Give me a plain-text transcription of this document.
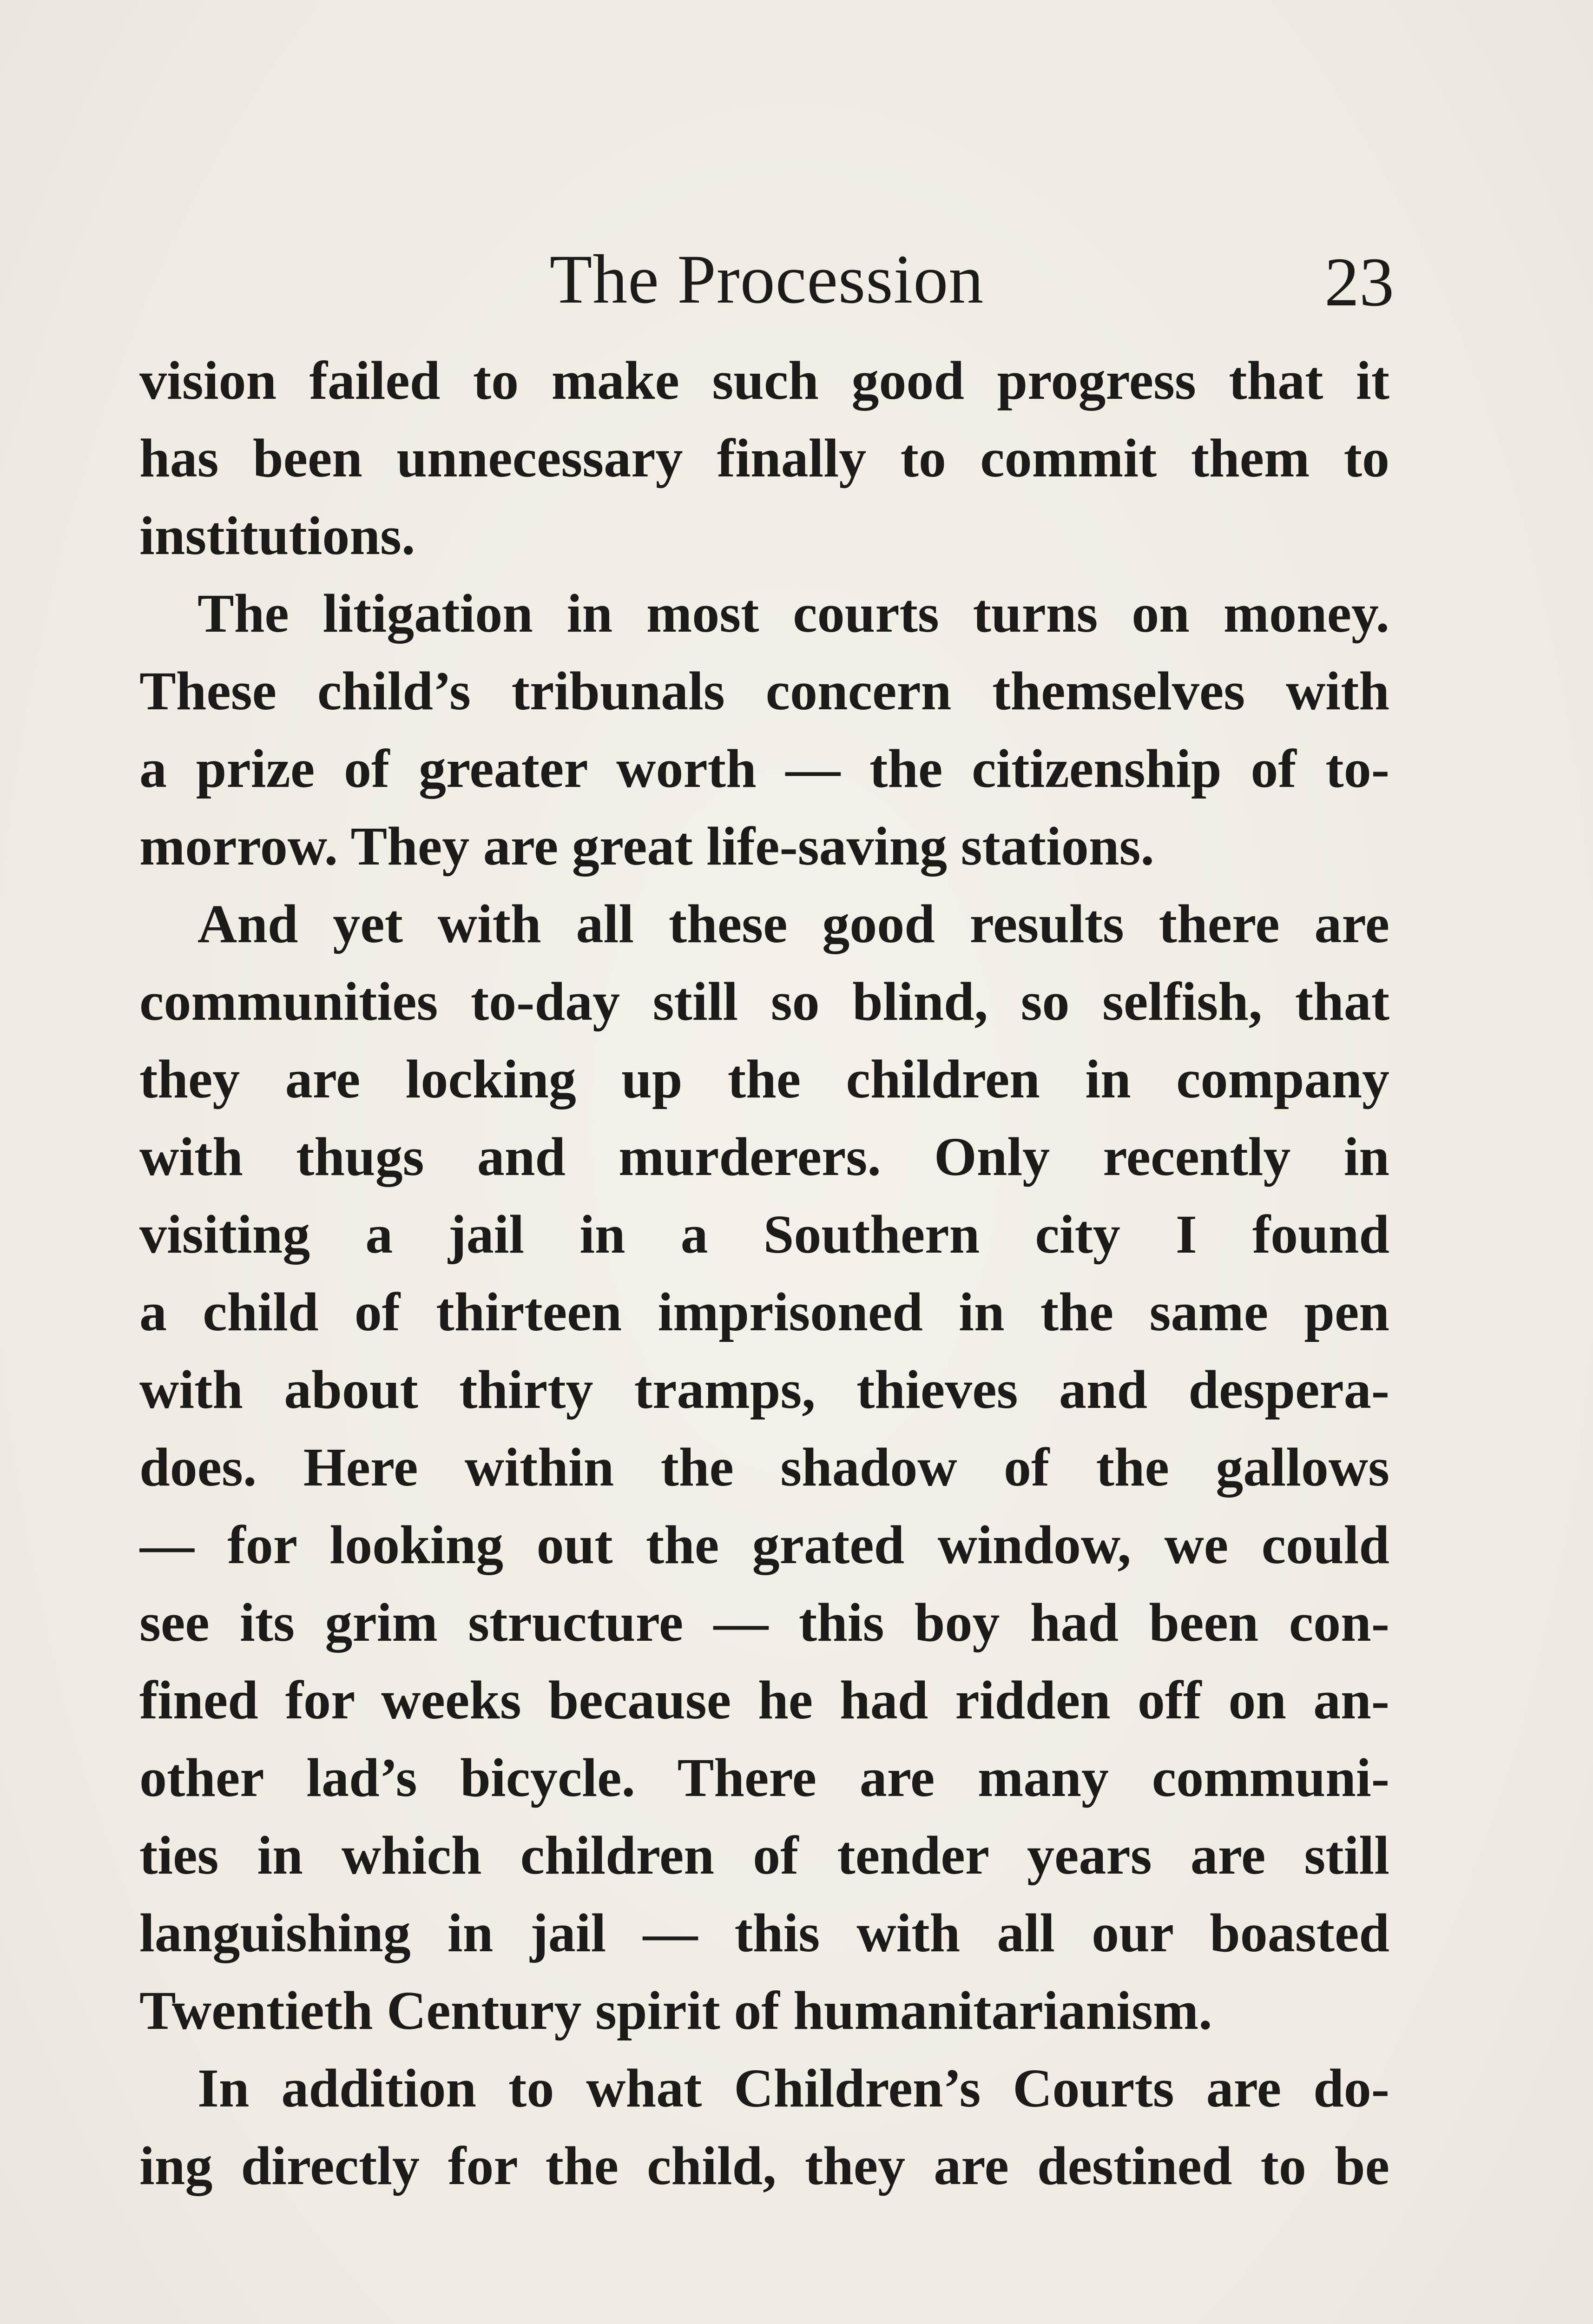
The Procession	23
vision failed to make such good progress that it
has been unnecessary finally to commit them to
institutions.
The litigation in most courts turns on money.
These child’s tribunals concern themselves with
a prize of greater worth — the citizenship of to-
morrow. They are great life-saving stations.
And yet with all these good results there are
communities to-day still so blind, so selfish, that
they are locking up the children in company
with thugs and murderers. Only recently in
visiting a jail in a Southern city I found
a child of thirteen imprisoned in the same pen
with about thirty tramps, thieves and despera-
does. Here within the shadow of the gallows
— for looking out the grated window, we could
see its grim structure — this boy had been con-
fined for weeks because he had ridden off on an-
other lad’s bicycle. There are many communi-
ties in which children of tender years are still
languishing in jail — this with all our boasted
Twentieth Century spirit of humanitarianism.
In addition to what Children’s Courts are do-
ing directly for the child, they are destined to be
